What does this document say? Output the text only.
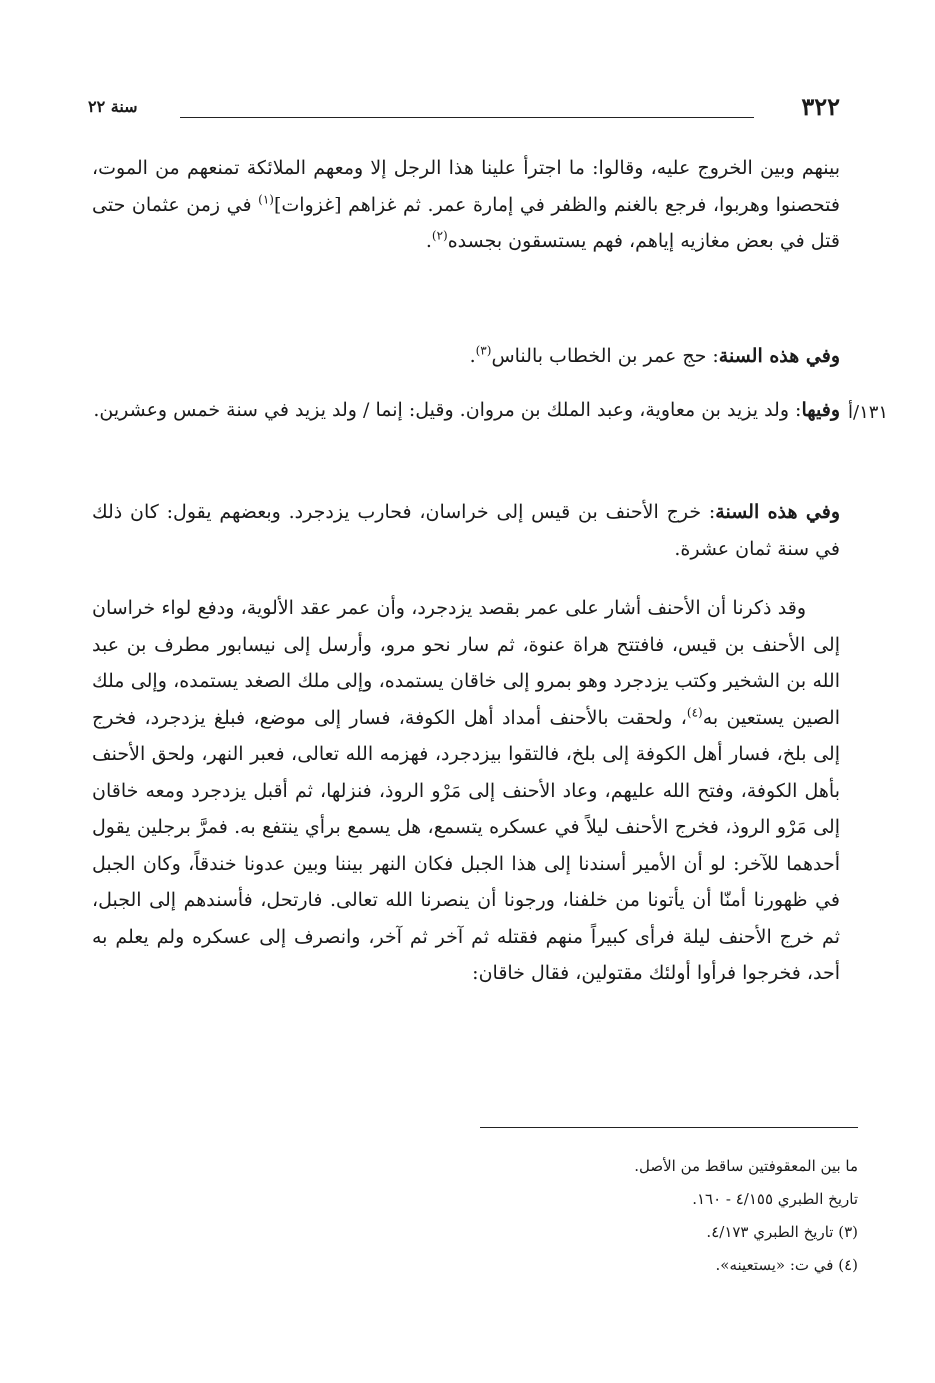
٣٢٢
سنة ٢٢
بينهم وبين الخروج عليه، وقالوا: ما اجترأ علينا هذا الرجل إلا ومعهم الملائكة تمنعهم من الموت، فتحصنوا وهربوا، فرجع بالغنم والظفر في إمارة عمر. ثم غزاهم [غزوات]$^{(١)}$ في زمن عثمان حتى قتل في بعض مغازيه إياهم، فهم يستسقون بجسده$^{(٢)}$.
وفي هذه السنة: حج عمر بن الخطاب بالناس$^{(٣)}$.
١٣١/أ
وفيها: ولد يزيد بن معاوية، وعبد الملك بن مروان. وقيل: إنما / ولد يزيد في سنة خمس وعشرين.
وفي هذه السنة: خرج الأحنف بن قيس إلى خراسان، فحارب يزدجرد. وبعضهم يقول: كان ذلك في سنة ثمان عشرة.
وقد ذكرنا أن الأحنف أشار على عمر بقصد يزدجرد، وأن عمر عقد الألوية، ودفع لواء خراسان إلى الأحنف بن قيس، فافتتح هراة عنوة، ثم سار نحو مرو، وأرسل إلى نيسابور مطرف بن عبد الله بن الشخير وكتب يزدجرد وهو بمرو إلى خاقان يستمده، وإلى ملك الصغد يستمده، وإلى ملك الصين يستعين به$^{(٤)}$، ولحقت بالأحنف أمداد أهل الكوفة، فسار إلى موضع، فبلغ يزدجرد، فخرج إلى بلخ، فسار أهل الكوفة إلى بلخ، فالتقوا بيزدجرد، فهزمه الله تعالى، فعبر النهر، ولحق الأحنف بأهل الكوفة، وفتح الله عليهم، وعاد الأحنف إلى مَرْو الروذ، فنزلها، ثم أقبل يزدجرد ومعه خاقان إلى مَرْو الروذ، فخرج الأحنف ليلاً في عسكره يتسمع، هل يسمع برأي ينتفع به. فمرَّ برجلين يقول أحدهما للآخر: لو أن الأمير أسندنا إلى هذا الجبل فكان النهر بيننا وبين عدونا خندقاً، وكان الجبل في ظهورنا أمنّا أن يأتونا من خلفنا، ورجونا أن ينصرنا الله تعالى. فارتحل، فأسندهم إلى الجبل، ثم خرج الأحنف ليلة فرأى كبيراً منهم فقتله ثم آخر ثم آخر، وانصرف إلى عسكره ولم يعلم به أحد، فخرجوا فرأوا أولئك مقتولين، فقال خاقان:

ما بين المعقوفتين ساقط من الأصل.

تاريخ الطبري ٤/١٥٥ - ١٦٠.

(٣) تاريخ الطبري ٤/١٧٣.

(٤) في ت: «يستعينه».
